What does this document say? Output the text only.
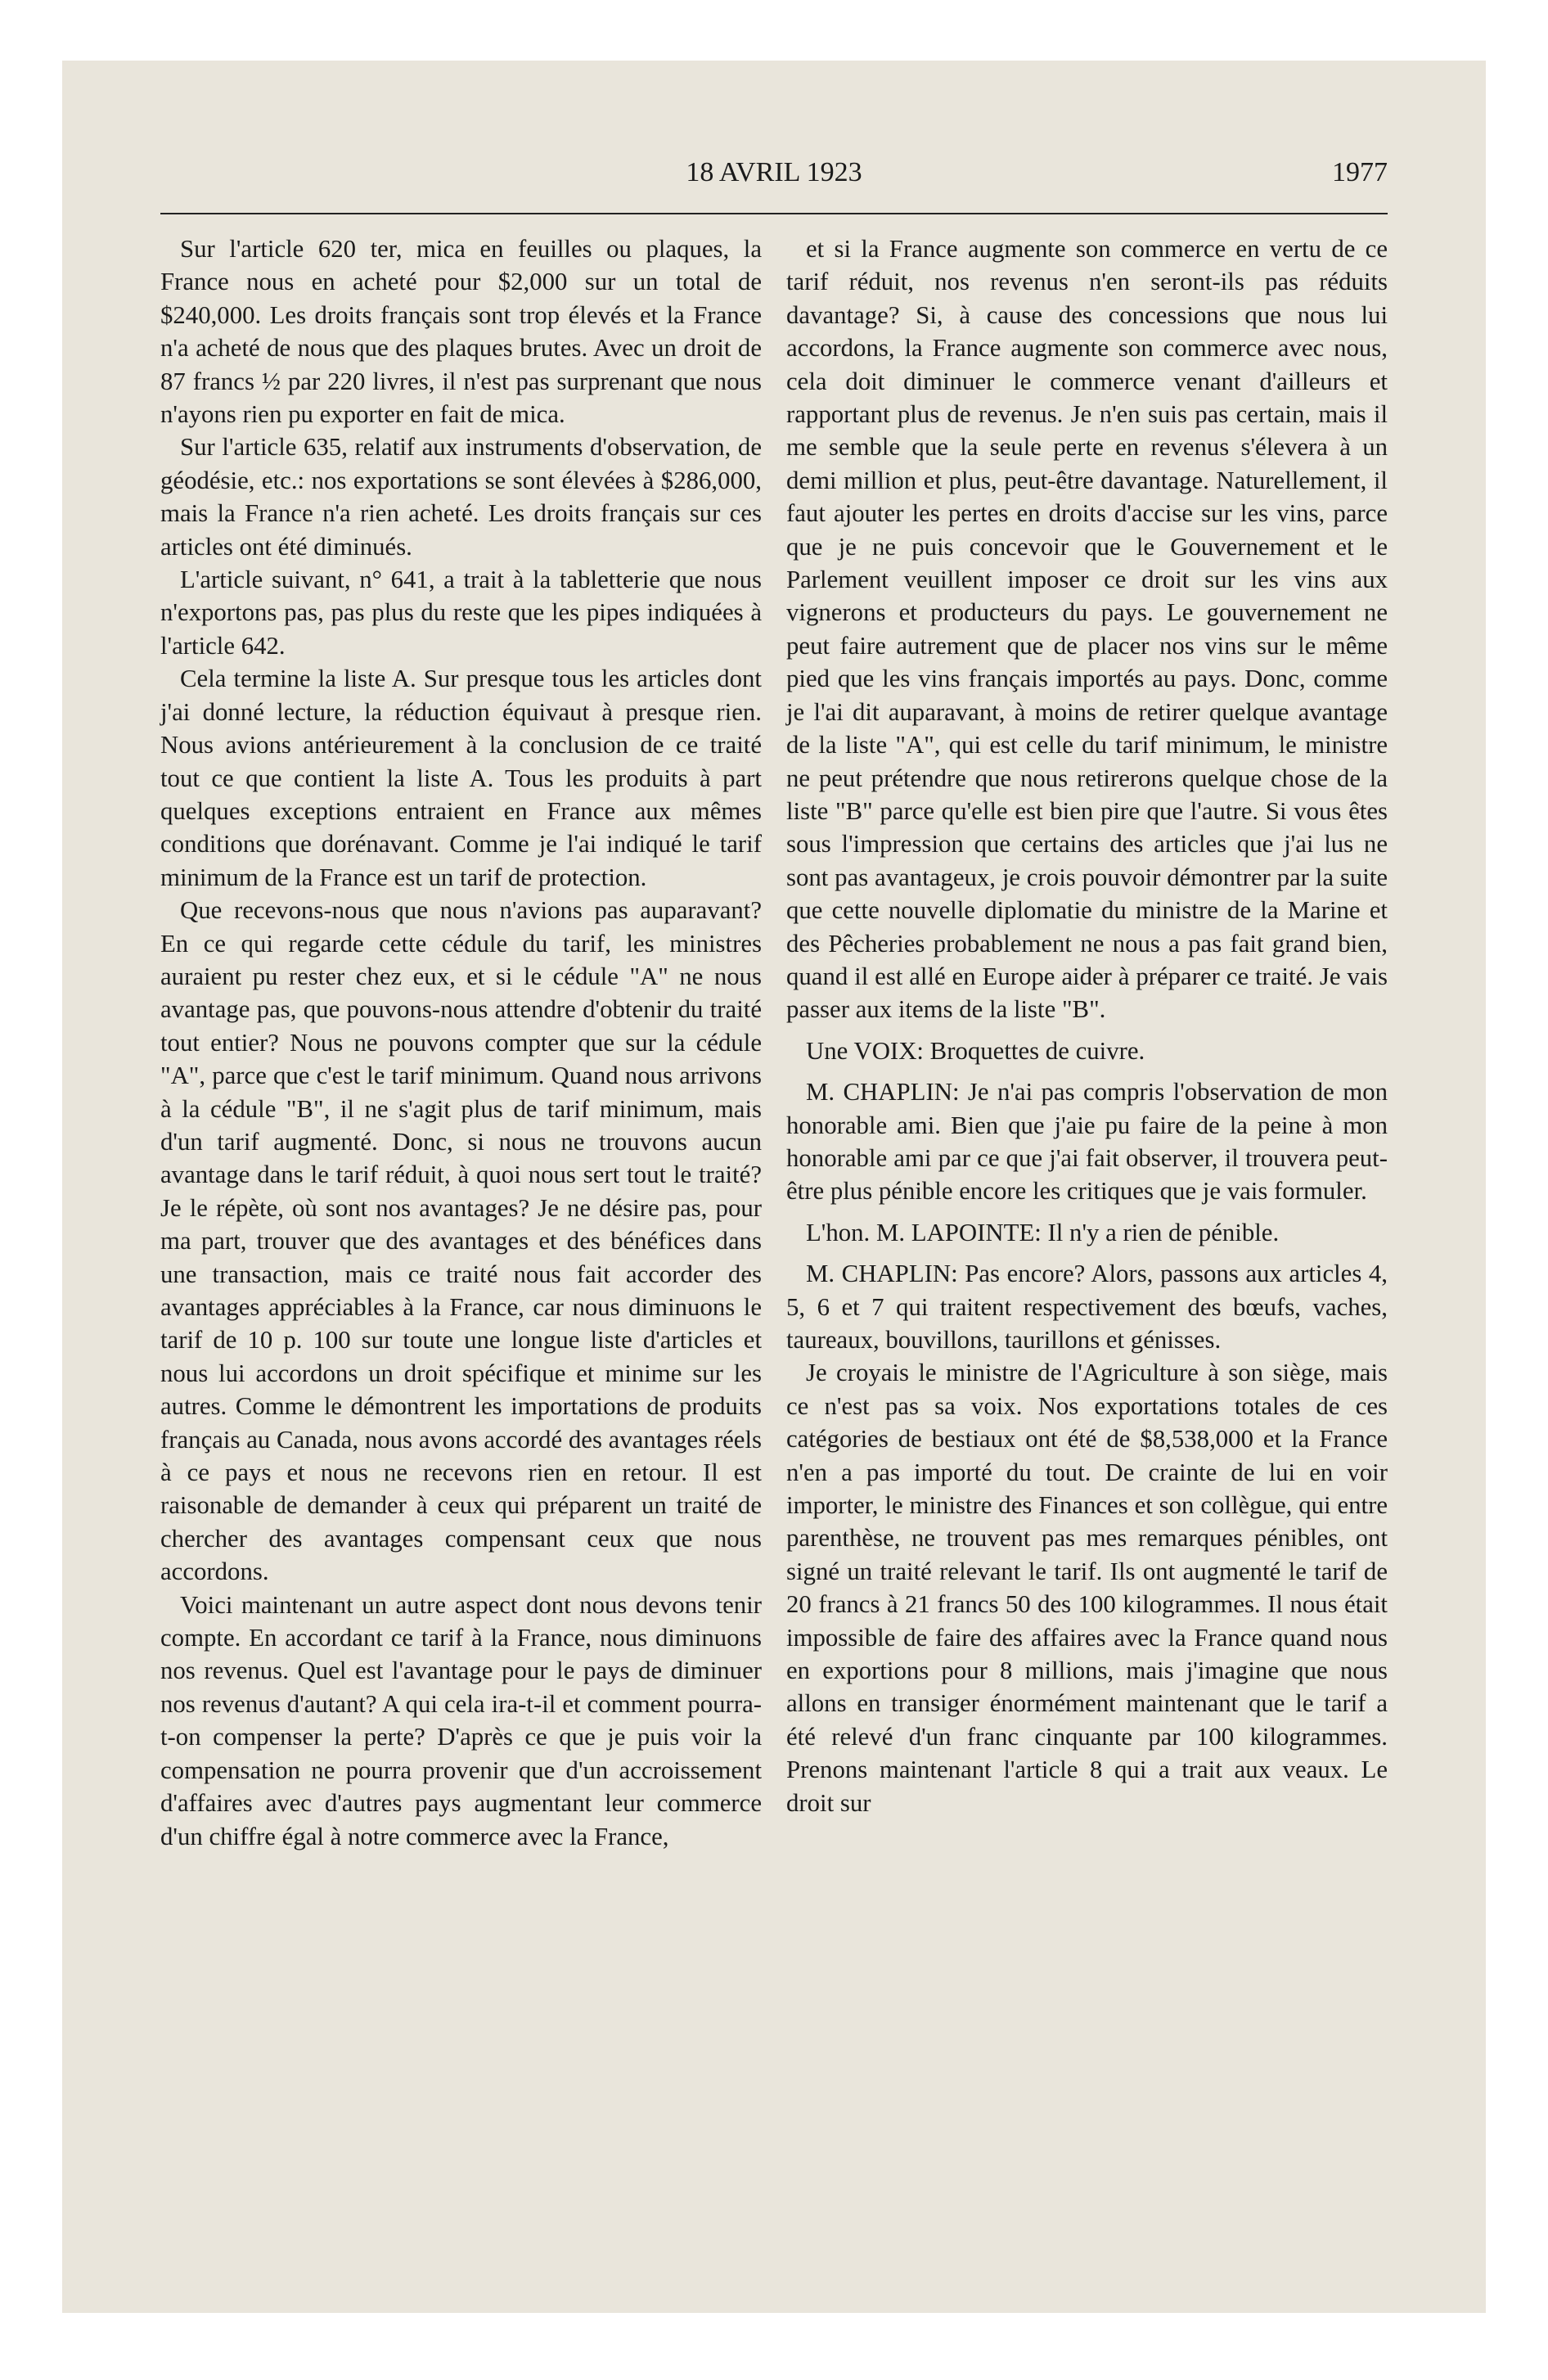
18 AVRIL 1923	1977

Sur l'article 620 ter, mica en feuilles ou plaques, la France nous en acheté pour $2,000 sur un total de $240,000. Les droits français sont trop élevés et la France n'a acheté de nous que des plaques brutes. Avec un droit de 87 francs ½ par 220 livres, il n'est pas surprenant que nous n'ayons rien pu exporter en fait de mica.

Sur l'article 635, relatif aux instruments d'observation, de géodésie, etc.: nos exportations se sont élevées à $286,000, mais la France n'a rien acheté. Les droits français sur ces articles ont été diminués.

L'article suivant, n° 641, a trait à la tabletterie que nous n'exportons pas, pas plus du reste que les pipes indiquées à l'article 642.

Cela termine la liste A. Sur presque tous les articles dont j'ai donné lecture, la réduction équivaut à presque rien. Nous avions antérieurement à la conclusion de ce traité tout ce que contient la liste A. Tous les produits à part quelques exceptions entraient en France aux mêmes conditions que dorénavant. Comme je l'ai indiqué le tarif minimum de la France est un tarif de protection.

Que recevons-nous que nous n'avions pas auparavant? En ce qui regarde cette cédule du tarif, les ministres auraient pu rester chez eux, et si le cédule "A" ne nous avantage pas, que pouvons-nous attendre d'obtenir du traité tout entier? Nous ne pouvons compter que sur la cédule "A", parce que c'est le tarif minimum. Quand nous arrivons à la cédule "B", il ne s'agit plus de tarif minimum, mais d'un tarif augmenté. Donc, si nous ne trouvons aucun avantage dans le tarif réduit, à quoi nous sert tout le traité? Je le répète, où sont nos avantages? Je ne désire pas, pour ma part, trouver que des avantages et des bénéfices dans une transaction, mais ce traité nous fait accorder des avantages appréciables à la France, car nous diminuons le tarif de 10 p. 100 sur toute une longue liste d'articles et nous lui accordons un droit spécifique et minime sur les autres. Comme le démontrent les importations de produits français au Canada, nous avons accordé des avantages réels à ce pays et nous ne recevons rien en retour. Il est raisonable de demander à ceux qui préparent un traité de chercher des avantages compensant ceux que nous accordons.

Voici maintenant un autre aspect dont nous devons tenir compte. En accordant ce tarif à la France, nous diminuons nos revenus. Quel est l'avantage pour le pays de diminuer nos revenus d'autant? A qui cela ira-t-il et comment pourra-t-on compenser la perte? D'après ce que je puis voir la compensation ne pourra provenir que d'un accroissement d'affaires avec d'autres pays augmentant leur commerce d'un chiffre égal à notre commerce avec la France,

et si la France augmente son commerce en vertu de ce tarif réduit, nos revenus n'en seront-ils pas réduits davantage? Si, à cause des concessions que nous lui accordons, la France augmente son commerce avec nous, cela doit diminuer le commerce venant d'ailleurs et rapportant plus de revenus. Je n'en suis pas certain, mais il me semble que la seule perte en revenus s'élevera à un demi million et plus, peut-être davantage. Naturellement, il faut ajouter les pertes en droits d'accise sur les vins, parce que je ne puis concevoir que le Gouvernement et le Parlement veuillent imposer ce droit sur les vins aux vignerons et producteurs du pays. Le gouvernement ne peut faire autrement que de placer nos vins sur le même pied que les vins français importés au pays. Donc, comme je l'ai dit auparavant, à moins de retirer quelque avantage de la liste "A", qui est celle du tarif minimum, le ministre ne peut prétendre que nous retirerons quelque chose de la liste "B" parce qu'elle est bien pire que l'autre. Si vous êtes sous l'impression que certains des articles que j'ai lus ne sont pas avantageux, je crois pouvoir démontrer par la suite que cette nouvelle diplomatie du ministre de la Marine et des Pêcheries probablement ne nous a pas fait grand bien, quand il est allé en Europe aider à préparer ce traité. Je vais passer aux items de la liste "B".

Une VOIX: Broquettes de cuivre.

M. CHAPLIN: Je n'ai pas compris l'observation de mon honorable ami. Bien que j'aie pu faire de la peine à mon honorable ami par ce que j'ai fait observer, il trouvera peut-être plus pénible encore les critiques que je vais formuler.

L'hon. M. LAPOINTE: Il n'y a rien de pénible.

M. CHAPLIN: Pas encore? Alors, passons aux articles 4, 5, 6 et 7 qui traitent respectivement des bœufs, vaches, taureaux, bouvillons, taurillons et génisses.

Je croyais le ministre de l'Agriculture à son siège, mais ce n'est pas sa voix. Nos exportations totales de ces catégories de bestiaux ont été de $8,538,000 et la France n'en a pas importé du tout. De crainte de lui en voir importer, le ministre des Finances et son collègue, qui entre parenthèse, ne trouvent pas mes remarques pénibles, ont signé un traité relevant le tarif. Ils ont augmenté le tarif de 20 francs à 21 francs 50 des 100 kilogrammes. Il nous était impossible de faire des affaires avec la France quand nous en exportions pour 8 millions, mais j'imagine que nous allons en transiger énormément maintenant que le tarif a été relevé d'un franc cinquante par 100 kilogrammes. Prenons maintenant l'article 8 qui a trait aux veaux. Le droit sur
